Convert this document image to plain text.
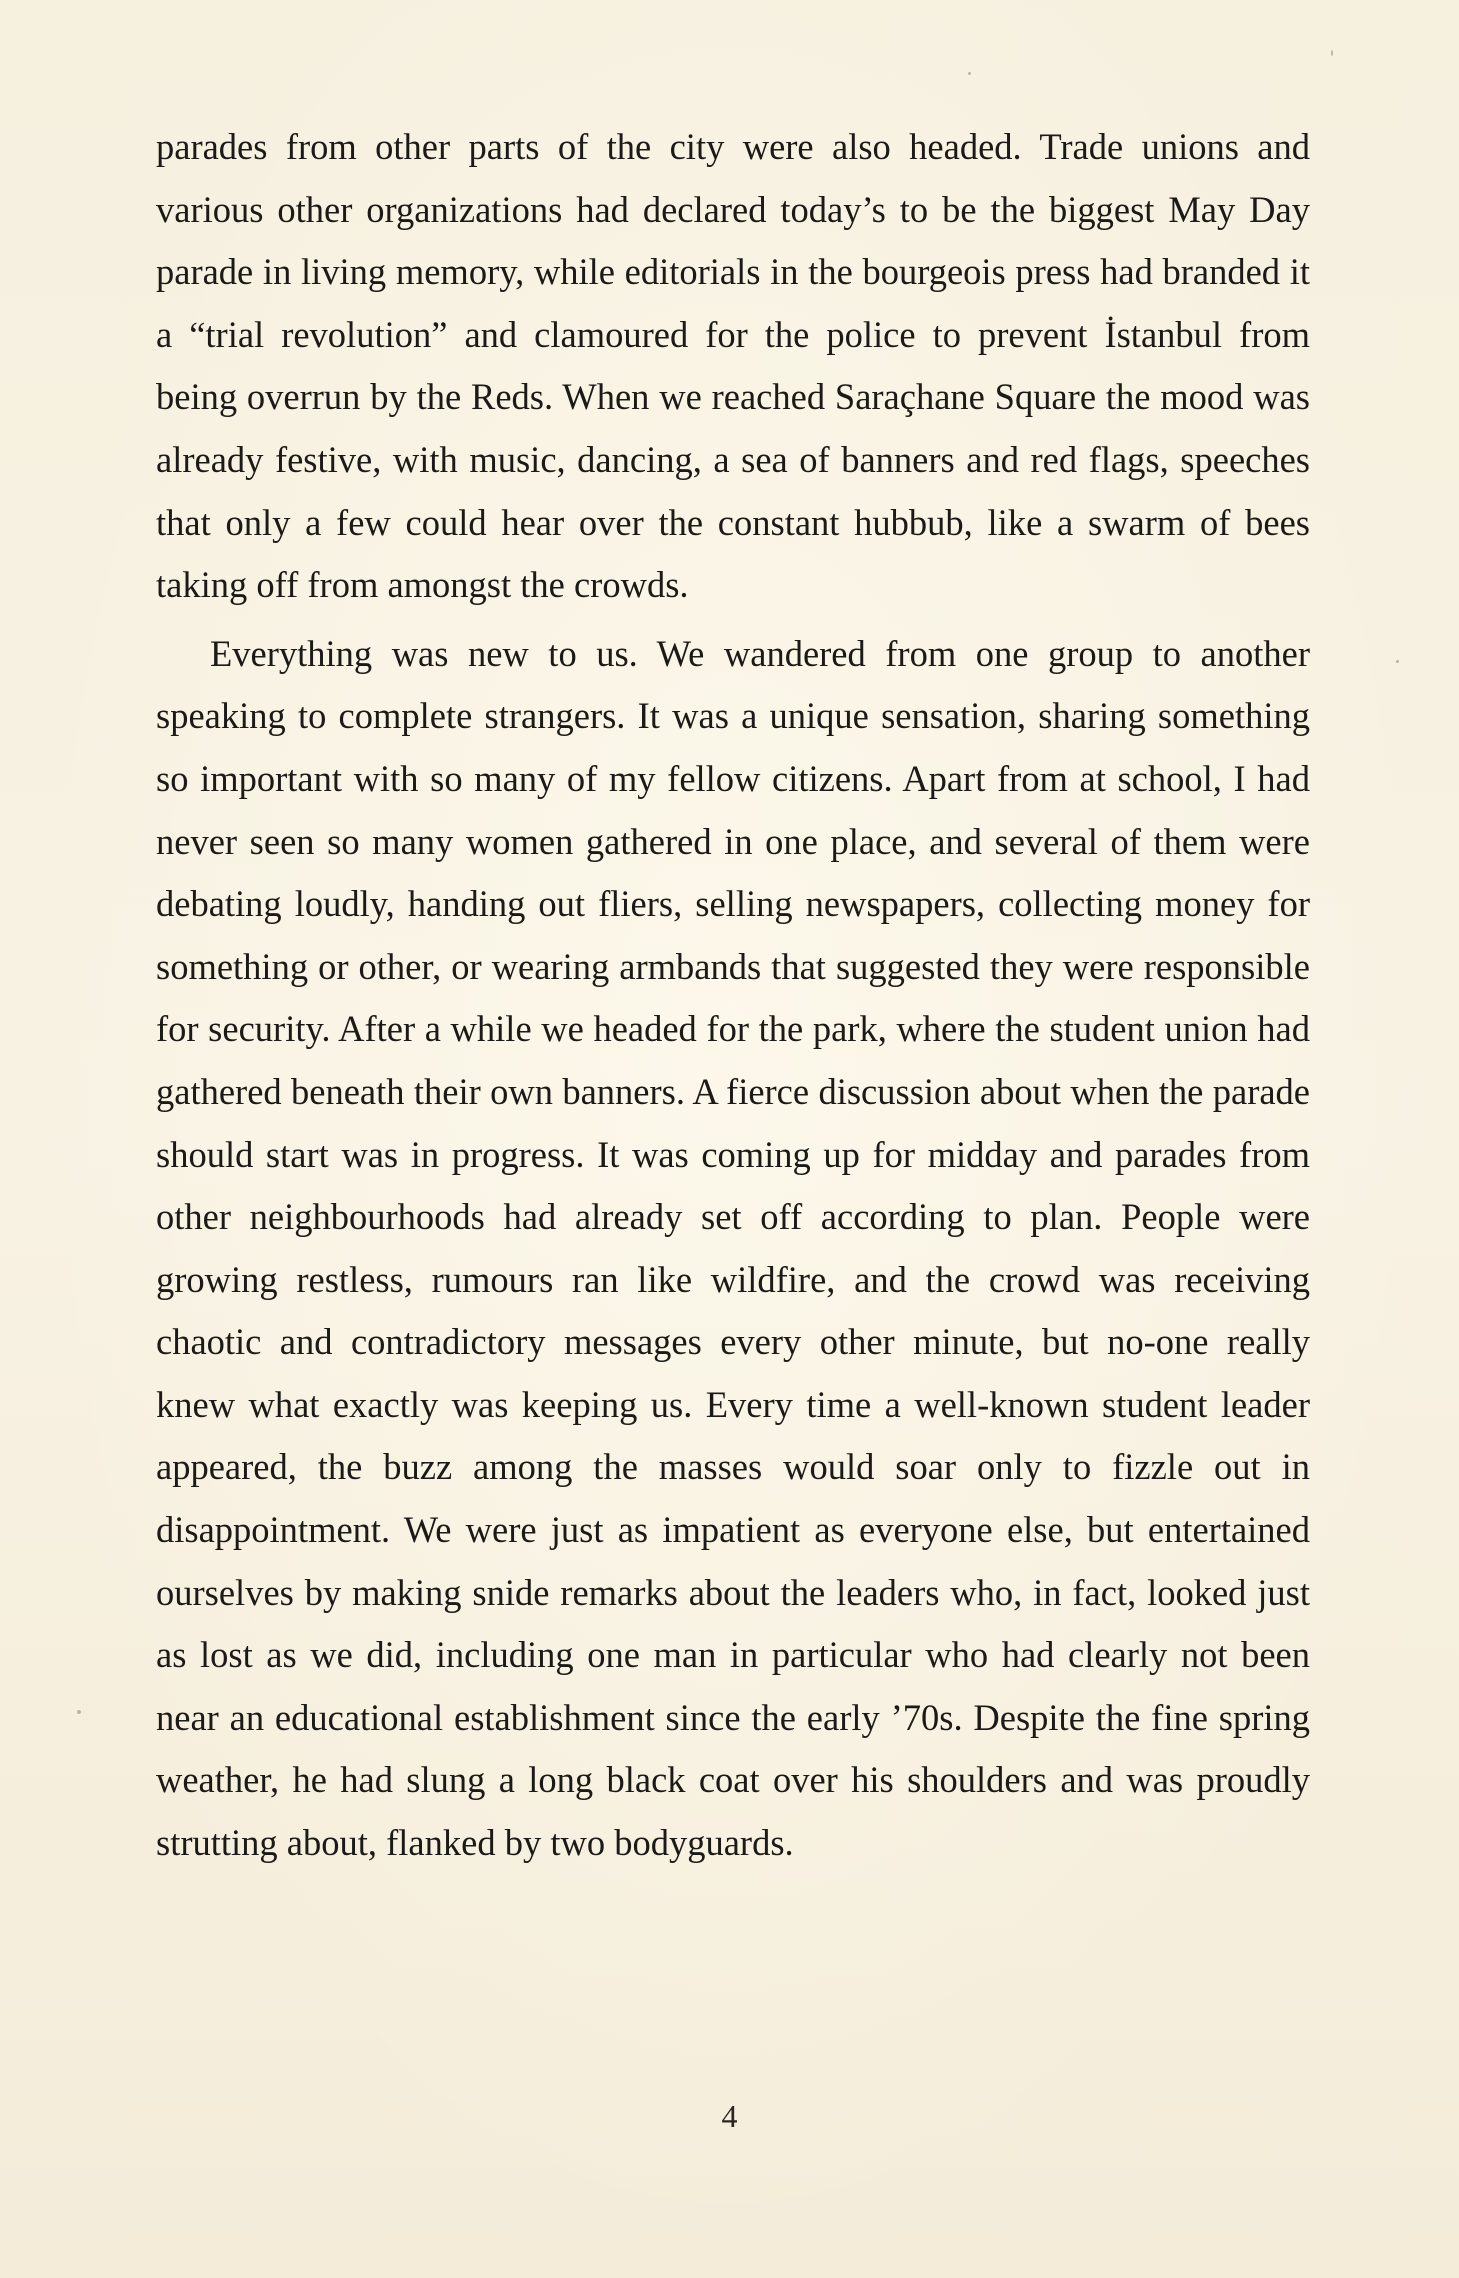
parades from other parts of the city were also headed. Trade unions and various other organizations had declared today’s to be the biggest May Day parade in living memory, while editorials in the bourgeois press had branded it a “trial revolution” and clamoured for the police to prevent İstanbul from being overrun by the Reds. When we reached Saraçhane Square the mood was already festive, with music, dancing, a sea of banners and red flags, speeches that only a few could hear over the constant hubbub, like a swarm of bees taking off from amongst the crowds.

Everything was new to us. We wandered from one group to another speaking to complete strangers. It was a unique sensation, sharing something so important with so many of my fellow citizens. Apart from at school, I had never seen so many women gathered in one place, and several of them were debating loudly, handing out fliers, selling newspapers, collecting money for something or other, or wearing armbands that suggested they were responsible for security. After a while we headed for the park, where the student union had gathered beneath their own banners. A fierce discussion about when the parade should start was in progress. It was coming up for midday and parades from other neighbourhoods had already set off according to plan. People were growing restless, rumours ran like wildfire, and the crowd was receiving chaotic and contradictory messages every other minute, but no-one really knew what exactly was keeping us. Every time a well-known student leader appeared, the buzz among the masses would soar only to fizzle out in disappointment. We were just as impatient as everyone else, but entertained ourselves by making snide remarks about the leaders who, in fact, looked just as lost as we did, including one man in particular who had clearly not been near an educational establishment since the early ’70s. Despite the fine spring weather, he had slung a long black coat over his shoulders and was proudly strutting about, flanked by two bodyguards.

4
